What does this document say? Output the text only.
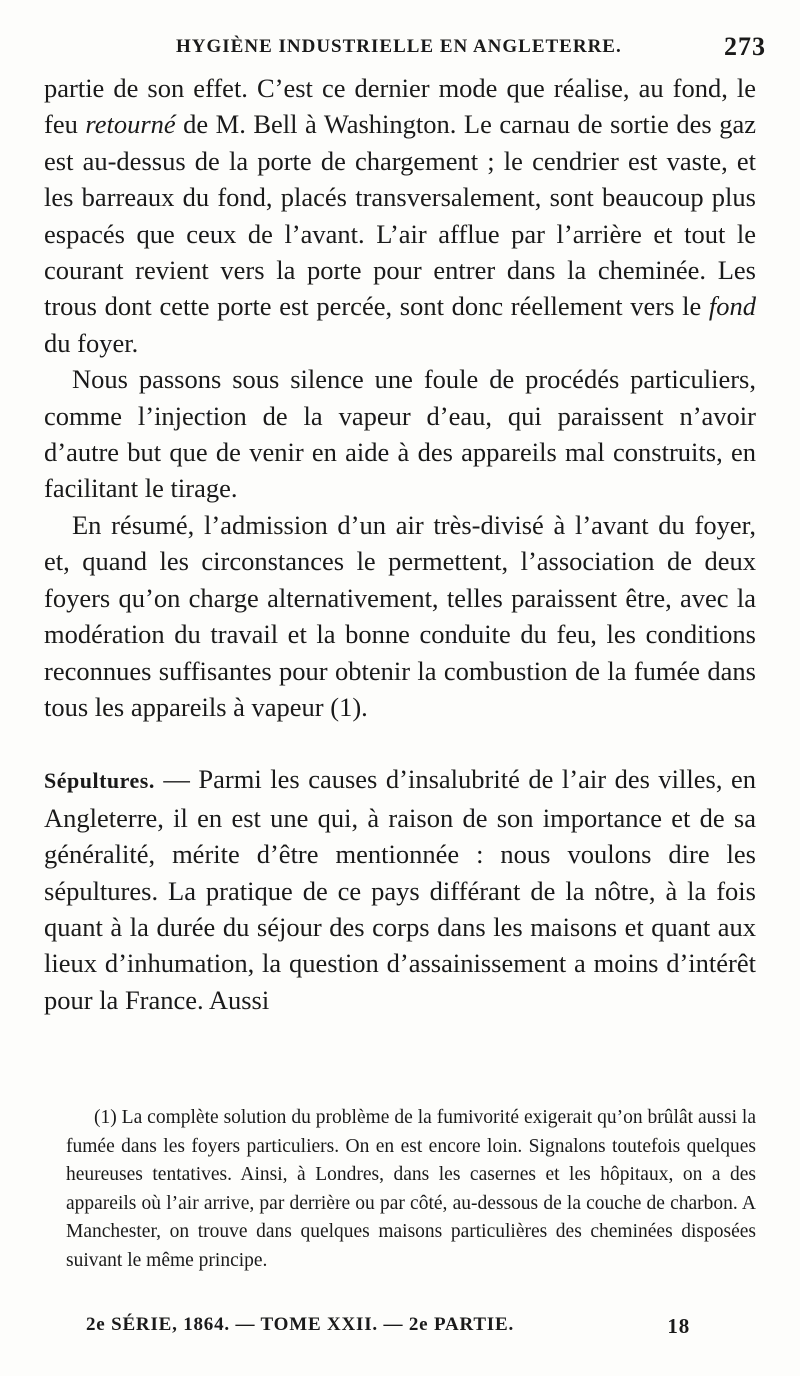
HYGIÈNE INDUSTRIELLE EN ANGLETERRE.	273

partie de son effet. C’est ce dernier mode que réalise, au fond, le feu retourné de M. Bell à Washington. Le carnau de sortie des gaz est au-dessus de la porte de chargement ; le cendrier est vaste, et les barreaux du fond, placés transversalement, sont beaucoup plus espacés que ceux de l’avant. L’air afflue par l’arrière et tout le courant revient vers la porte pour entrer dans la cheminée. Les trous dont cette porte est percée, sont donc réellement vers le fond du foyer.

Nous passons sous silence une foule de procédés particuliers, comme l’injection de la vapeur d’eau, qui paraissent n’avoir d’autre but que de venir en aide à des appareils mal construits, en facilitant le tirage.

En résumé, l’admission d’un air très-divisé à l’avant du foyer, et, quand les circonstances le permettent, l’association de deux foyers qu’on charge alternativement, telles paraissent être, avec la modération du travail et la bonne conduite du feu, les conditions reconnues suffisantes pour obtenir la combustion de la fumée dans tous les appareils à vapeur (1).

Sépultures. — Parmi les causes d’insalubrité de l’air des villes, en Angleterre, il en est une qui, à raison de son importance et de sa généralité, mérite d’être mentionnée : nous voulons dire les sépultures. La pratique de ce pays différant de la nôtre, à la fois quant à la durée du séjour des corps dans les maisons et quant aux lieux d’inhumation, la question d’assainissement a moins d’intérêt pour la France. Aussi

(1) La complète solution du problème de la fumivorité exigerait qu’on brûlât aussi la fumée dans les foyers particuliers. On en est encore loin. Signalons toutefois quelques heureuses tentatives. Ainsi, à Londres, dans les casernes et les hôpitaux, on a des appareils où l’air arrive, par derrière ou par côté, au-dessous de la couche de charbon. A Manchester, on trouve dans quelques maisons particulières des cheminées disposées suivant le même principe.

2e SÉRIE, 1864. — TOME XXII. — 2e PARTIE.	18
